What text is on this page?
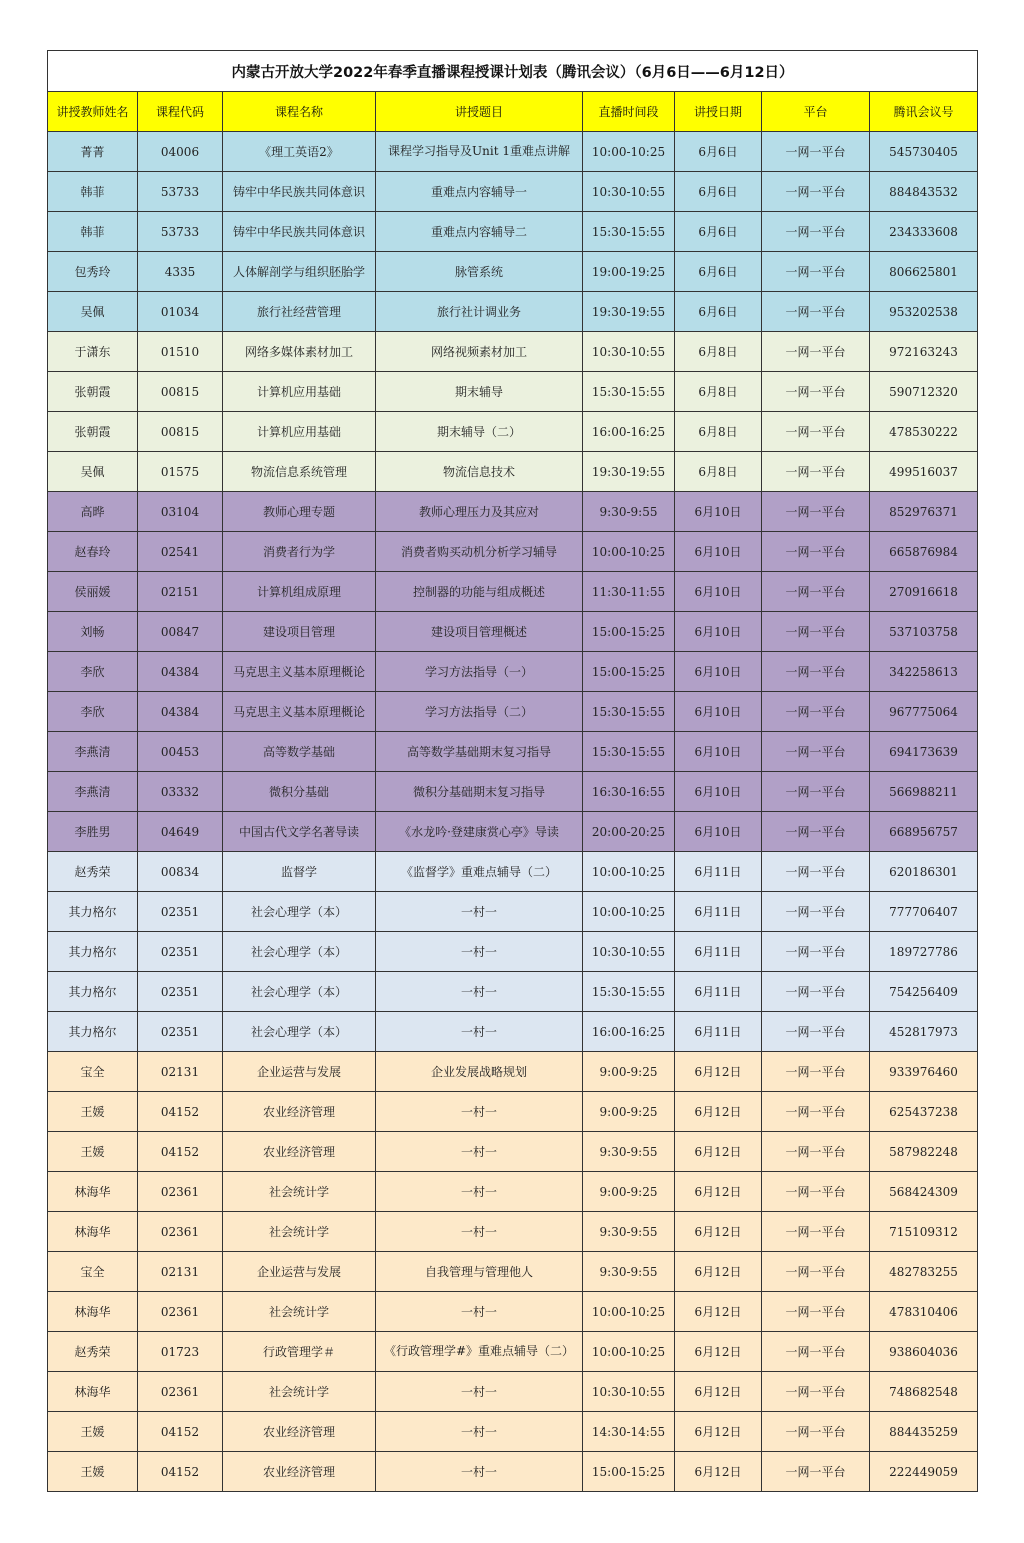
内蒙古开放大学2022年春季直播课程授课计划表（腾讯会议）（6月6日——6月12日）							
讲授教师姓名	课程代码	课程名称	讲授题目	直播时间段	讲授日期	平台	腾讯会议号
菁菁	04006	《理工英语2》	课程学习指导及Unit 1重难点讲解	10:00-10:25	6月6日	一网一平台	545730405
韩菲	53733	铸牢中华民族共同体意识	重难点内容辅导一	10:30-10:55	6月6日	一网一平台	884843532
韩菲	53733	铸牢中华民族共同体意识	重难点内容辅导二	15:30-15:55	6月6日	一网一平台	234333608
包秀玲	4335	人体解剖学与组织胚胎学	脉管系统	19:00-19:25	6月6日	一网一平台	806625801
吴佩	01034	旅行社经营管理	旅行社计调业务	19:30-19:55	6月6日	一网一平台	953202538
于潇东	01510	网络多媒体素材加工	网络视频素材加工	10:30-10:55	6月8日	一网一平台	972163243
张朝霞	00815	计算机应用基础	期末辅导	15:30-15:55	6月8日	一网一平台	590712320
张朝霞	00815	计算机应用基础	期末辅导（二）	16:00-16:25	6月8日	一网一平台	478530222
吴佩	01575	物流信息系统管理	物流信息技术	19:30-19:55	6月8日	一网一平台	499516037
高晔	03104	教师心理专题	教师心理压力及其应对	9:30-9:55	6月10日	一网一平台	852976371
赵春玲	02541	消费者行为学	消费者购买动机分析学习辅导	10:00-10:25	6月10日	一网一平台	665876984
侯丽媛	02151	计算机组成原理	控制器的功能与组成概述	11:30-11:55	6月10日	一网一平台	270916618
刘畅	00847	建设项目管理	建设项目管理概述	15:00-15:25	6月10日	一网一平台	537103758
李欣	04384	马克思主义基本原理概论	学习方法指导（一）	15:00-15:25	6月10日	一网一平台	342258613
李欣	04384	马克思主义基本原理概论	学习方法指导（二）	15:30-15:55	6月10日	一网一平台	967775064
李燕清	00453	高等数学基础	高等数学基础期末复习指导	15:30-15:55	6月10日	一网一平台	694173639
李燕清	03332	微积分基础	微积分基础期末复习指导	16:30-16:55	6月10日	一网一平台	566988211
李胜男	04649	中国古代文学名著导读	《水龙吟·登建康赏心亭》导读	20:00-20:25	6月10日	一网一平台	668956757
赵秀荣	00834	监督学	《监督学》重难点辅导（二）	10:00-10:25	6月11日	一网一平台	620186301
其力格尔	02351	社会心理学（本）	一村一	10:00-10:25	6月11日	一网一平台	777706407
其力格尔	02351	社会心理学（本）	一村一	10:30-10:55	6月11日	一网一平台	189727786
其力格尔	02351	社会心理学（本）	一村一	15:30-15:55	6月11日	一网一平台	754256409
其力格尔	02351	社会心理学（本）	一村一	16:00-16:25	6月11日	一网一平台	452817973
宝全	02131	企业运营与发展	企业发展战略规划	9:00-9:25	6月12日	一网一平台	933976460
王媛	04152	农业经济管理	一村一	9:00-9:25	6月12日	一网一平台	625437238
王媛	04152	农业经济管理	一村一	9:30-9:55	6月12日	一网一平台	587982248
林海华	02361	社会统计学	一村一	9:00-9:25	6月12日	一网一平台	568424309
林海华	02361	社会统计学	一村一	9:30-9:55	6月12日	一网一平台	715109312
宝全	02131	企业运营与发展	自我管理与管理他人	9:30-9:55	6月12日	一网一平台	482783255
林海华	02361	社会统计学	一村一	10:00-10:25	6月12日	一网一平台	478310406
赵秀荣	01723	行政管理学＃	《行政管理学#》重难点辅导（二）	10:00-10:25	6月12日	一网一平台	938604036
林海华	02361	社会统计学	一村一	10:30-10:55	6月12日	一网一平台	748682548
王媛	04152	农业经济管理	一村一	14:30-14:55	6月12日	一网一平台	884435259
王媛	04152	农业经济管理	一村一	15:00-15:25	6月12日	一网一平台	222449059
